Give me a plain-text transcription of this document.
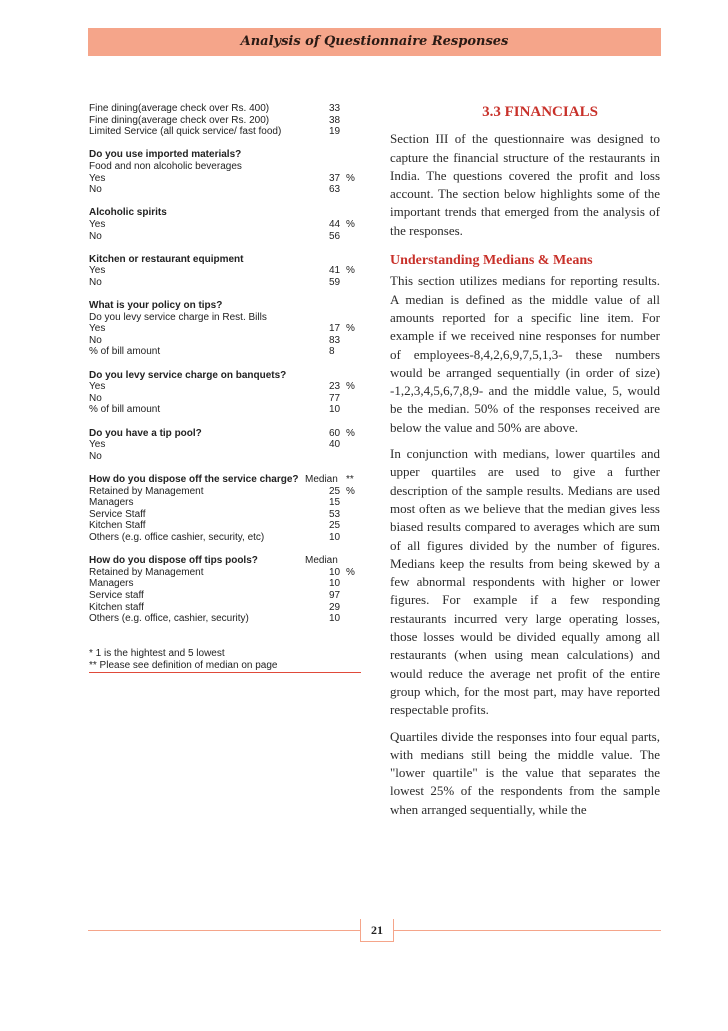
Analysis of Questionnaire Responses
Fine dining(average check over Rs. 400)	33
Fine dining(average check over Rs. 200)	38
Limited Service (all quick service/ fast food)	19
Do you use imported materials?
Food and non alcoholic beverages
Yes	37 %
No	63
Alcoholic spirits
Yes	44 %
No	56
Kitchen or restaurant equipment
Yes	41 %
No	59
What is your policy on tips?
Do you levy service charge in Rest. Bills
Yes	17 %
No	83
% of bill amount	8
Do you levy service charge on banquets?
Yes	23 %
No	77
% of bill amount	10
Do you have a tip pool?	60 %
Yes	40
No
How do you dispose off the service charge? Median **
Retained by Management	25 %
Managers	15
Service Staff	53
Kitchen Staff	25
Others (e.g. office cashier, security, etc)	10
How do you dispose off tips pools?	Median
Retained by Management	10 %
Managers	10
Service staff	97
Kitchen staff	29
Others (e.g. office, cashier, security)	10
* 1 is the hightest and 5 lowest
** Please see definition of median on page
3.3 FINANCIALS

Section III of the questionnaire was designed to capture the financial structure of the restaurants in India. The questions covered the profit and loss account. The section below highlights some of the important trends that emerged from the analysis of the responses.

Understanding Medians & Means

This section utilizes medians for reporting results. A median is defined as the middle value of all amounts reported for a specific line item. For example if we received nine responses for number of employees-8,4,2,6,9,7,5,1,3- these numbers would be arranged sequentially (in order of size) -1,2,3,4,5,6,7,8,9- and the middle value, 5, would be the median. 50% of the responses received are below the value and 50% are above.

In conjunction with medians, lower quartiles and upper quartiles are used to give a further description of the sample results. Medians are used most often as we believe that the median gives less biased results compared to averages which are sum of all figures divided by the number of figures. Medians keep the results from being skewed by a few abnormal respondents with higher or lower figures. For example if a few responding restaurants incurred very large operating losses, those losses would be divided equally among all restaurants (when using mean calculations) and would reduce the average net profit of the entire group which, for the most part, may have reported respectable profits.

Quartiles divide the responses into four equal parts, with medians still being the middle value. The "lower quartile" is the value that separates the lowest 25% of the respondents from the sample when arranged sequentially, while the

21
